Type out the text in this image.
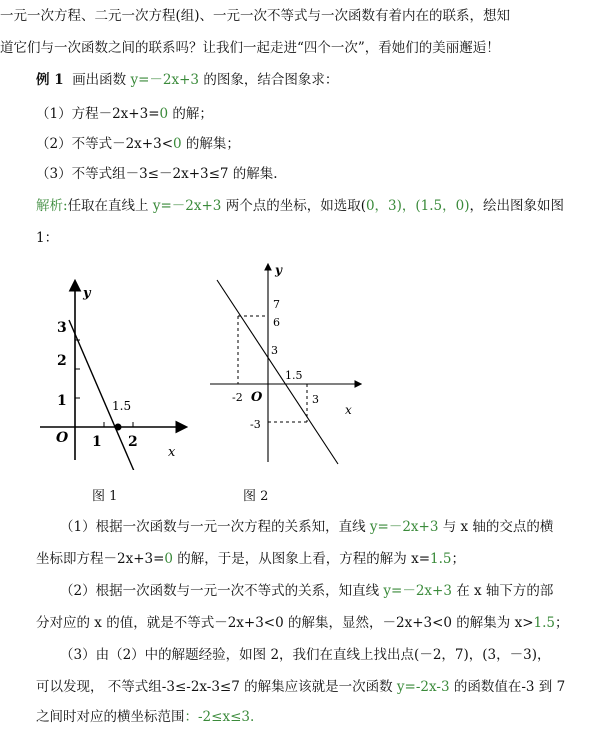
一元一次方程、二元一次方程(组)、一元一次不等式与一次函数有着内在的联系，想知
道它们与一次函数之间的联系吗？让我们一起走进“四个一次”，看她们的美丽邂逅！
例 1 画出函数 y=－2x+3 的图象，结合图象求：
（1）方程－2x+3=0 的解；
（2）不等式－2x+3<0 的解集；
（3）不等式组－3≤－2x+3≤7 的解集.
解析:任取在直线上 y=－2x+3 两个点的坐标，如选取(0，3)，(1.5，0)，绘出图象如图
1：
y
x
O
3
2
1
1 2
1.5
图 1
y
x
O
7
6
3
-3
-2	3
1.5
图 2
（1）根据一次函数与一元一次方程的关系知，直线 y=－2x+3 与 x 轴的交点的横
坐标即方程－2x+3=0 的解，于是，从图象上看，方程的解为 x=1.5；
（2）根据一次函数与一元一次不等式的关系，知直线 y=－2x+3 在 x 轴下方的部
分对应的 x 的值，就是不等式－2x+3<0 的解集，显然，－2x+3<0 的解集为 x>1.5；
（3）由（2）中的解题经验，如图 2，我们在直线上找出点(－2，7)，(3，－3)，
可以发现， 不等式组-3≤-2x-3≤7 的解集应该就是一次函数 y=-2x-3 的函数值在-3 到 7
之间时对应的横坐标范围：-2≤x≤3.
